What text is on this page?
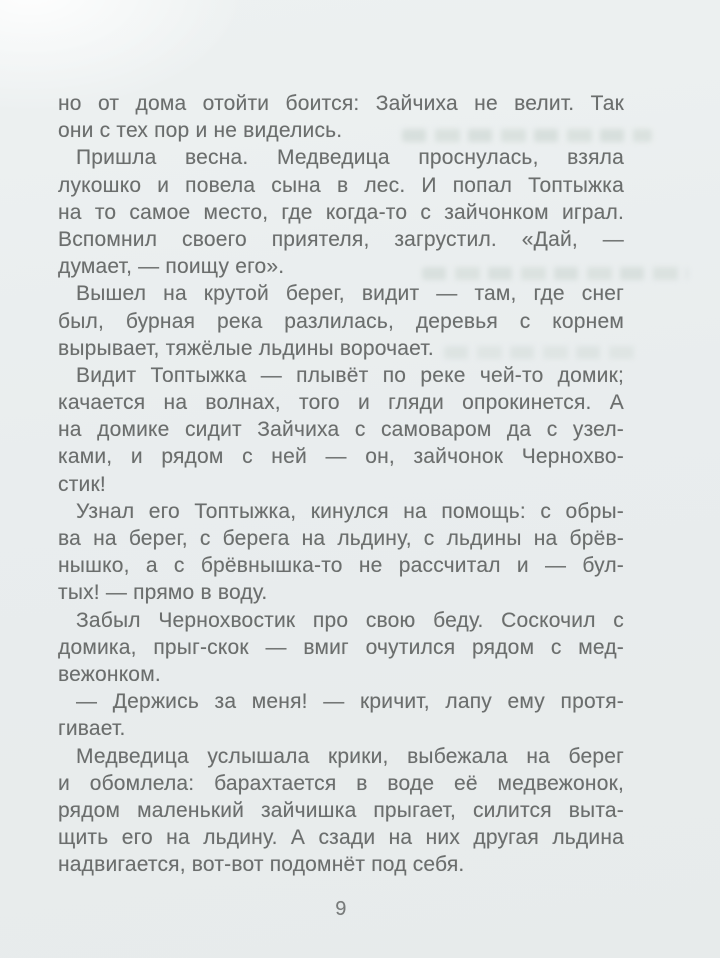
но от дома отойти боится: Зайчиха не велит. Так
они с тех пор и не виделись.
Пришла весна. Медведица проснулась, взяла
лукошко и повела сына в лес. И попал Топтыжка
на то самое место, где когда-то с зайчонком играл.
Вспомнил своего приятеля, загрустил. «Дай, —
думает, — поищу его».
Вышел на крутой берег, видит — там, где снег
был, бурная река разлилась, деревья с корнем
вырывает, тяжёлые льдины ворочает.
Видит Топтыжка — плывёт по реке чей-то домик;
качается на волнах, того и гляди опрокинется. А
на домике сидит Зайчиха с самоваром да с узел-
ками, и рядом с ней — он, зайчонок Чернохво-
стик!
Узнал его Топтыжка, кинулся на помощь: с обры-
ва на берег, с берега на льдину, с льдины на брёв-
нышко, а с брёвнышка-то не рассчитал и — бул-
тых! — прямо в воду.
Забыл Чернохвостик про свою беду. Соскочил с
домика, прыг-скок — вмиг очутился рядом с мед-
вежонком.
— Держись за меня! — кричит, лапу ему протя-
гивает.
Медведица услышала крики, выбежала на берег
и обомлела: барахтается в воде её медвежонок,
рядом маленький зайчишка прыгает, силится выта-
щить его на льдину. А сзади на них другая льдина
надвигается, вот-вот подомнёт под себя.
9
